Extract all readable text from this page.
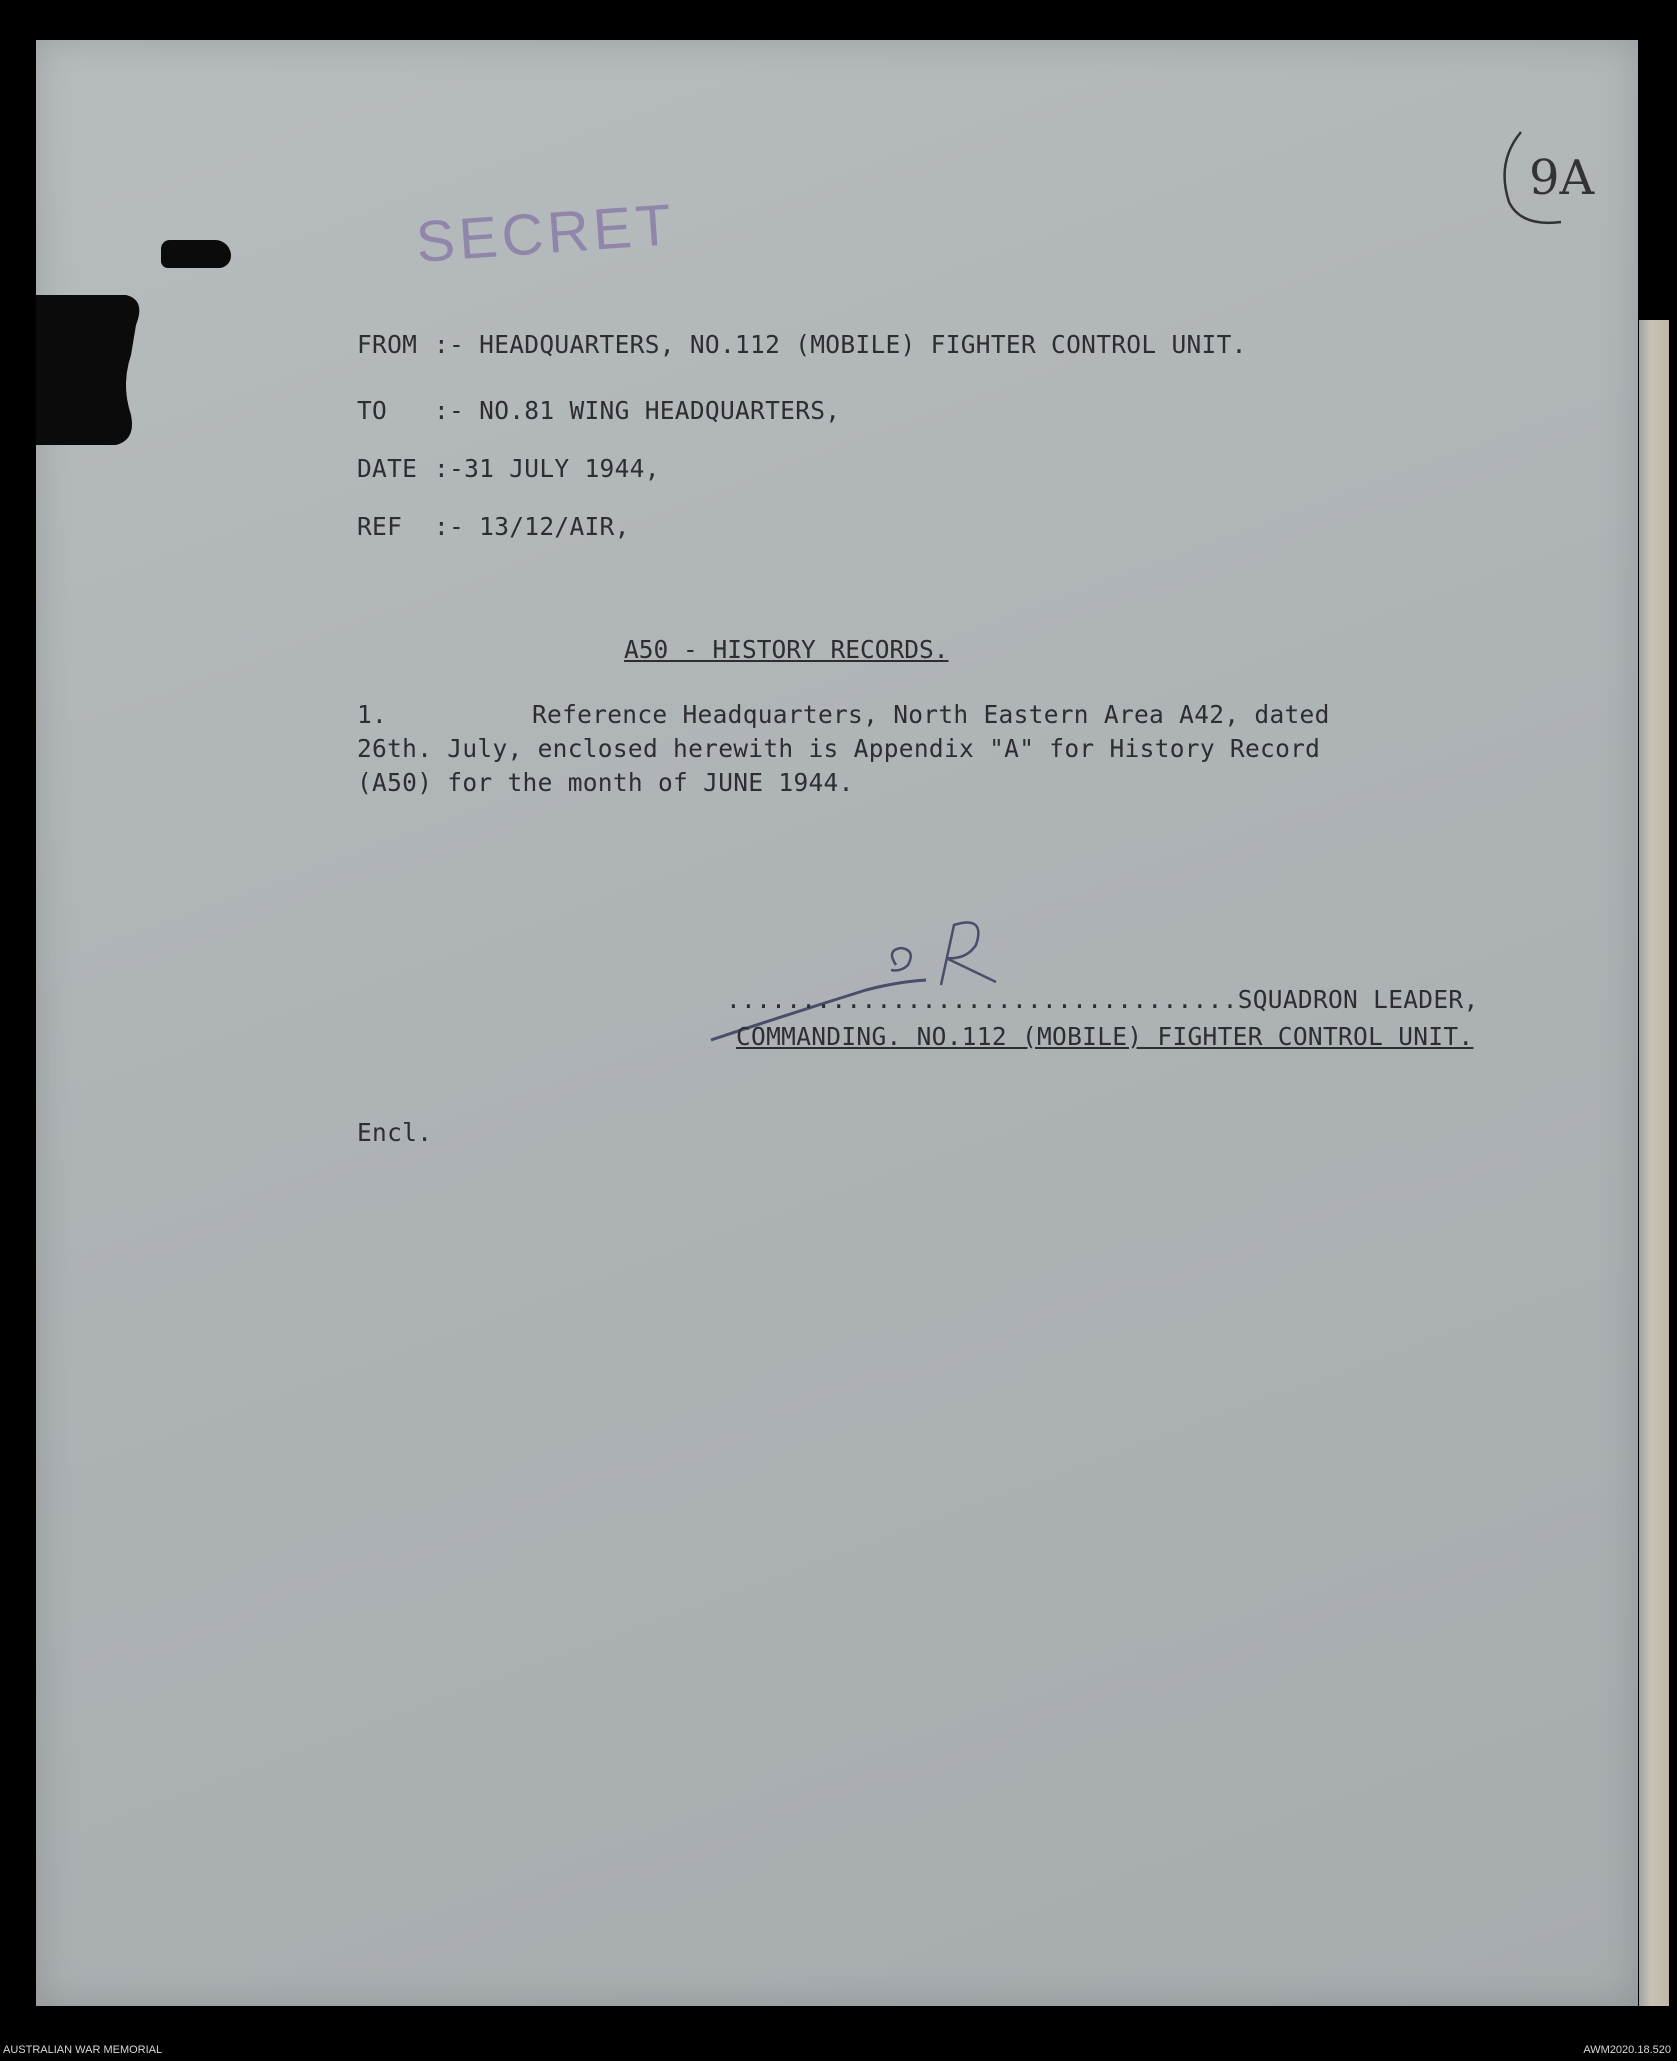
SECRET
9A
FROM :- HEADQUARTERS, NO.112 (MOBILE) FIGHTER CONTROL UNIT.
TO :- NO.81 WING HEADQUARTERS,
DATE :-31 JULY 1944,
REF :- 13/12/AIR,
A50 - HISTORY RECORDS.
1.	Reference Headquarters, North Eastern Area A42, dated
26th. July, enclosed herewith is Appendix "A" for History Record
(A50) for the month of JUNE 1944.
..................................SQUADRON LEADER,
COMMANDING. NO.112 (MOBILE) FIGHTER CONTROL UNIT.
Encl.
AUSTRALIAN WAR MEMORIAL	AWM2020.18.520
